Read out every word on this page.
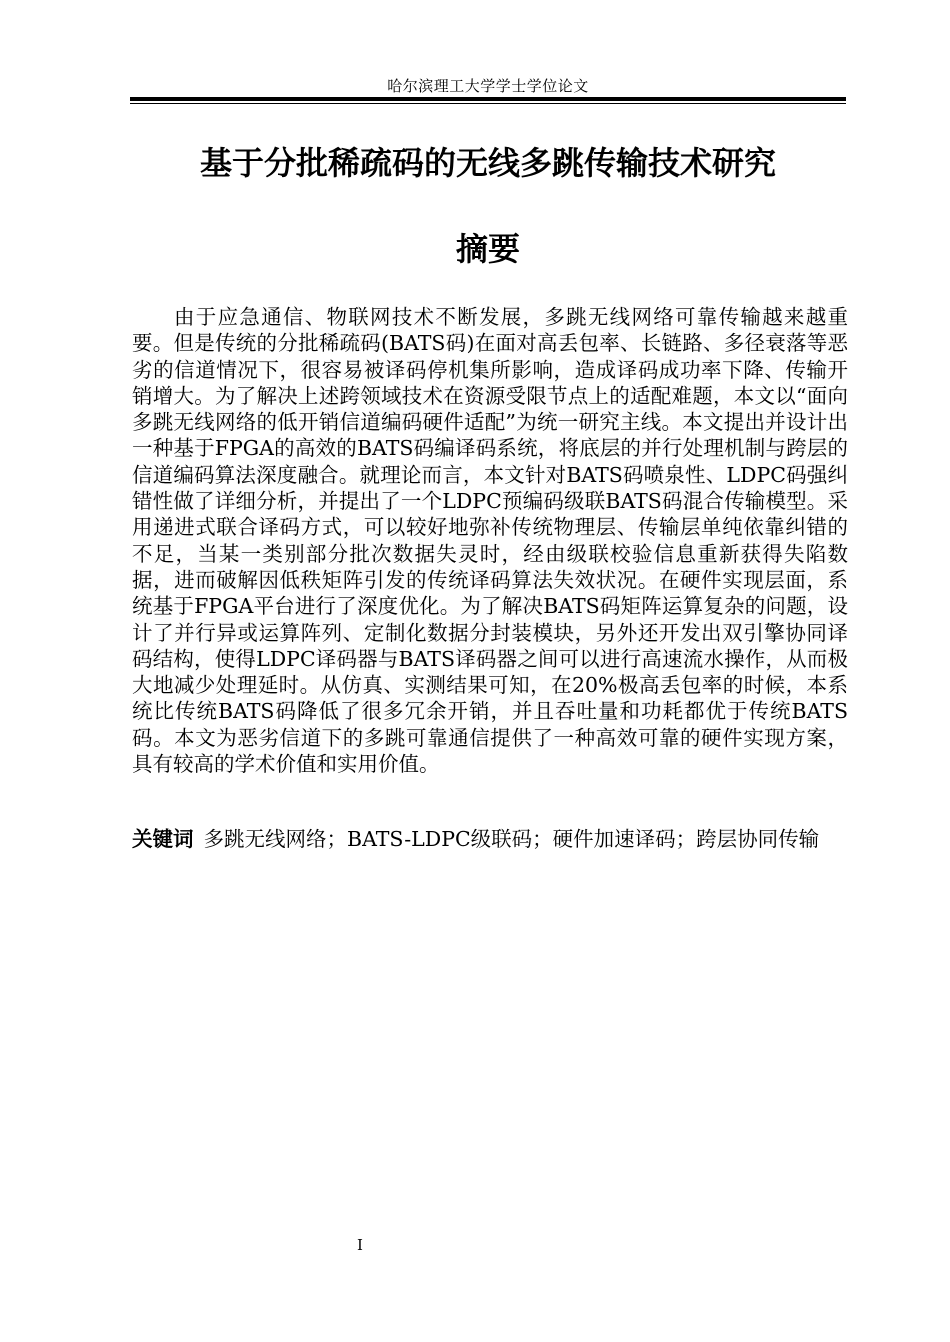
哈尔滨理工大学学士学位论文
基于分批稀疏码的无线多跳传输技术研究
摘要

由于应急通信、物联网技术不断发展，多跳无线网络可靠传输越来越重要。但是传统的分批稀疏码(BATS码)在面对高丢包率、长链路、多径衰落等恶劣的信道情况下，很容易被译码停机集所影响，造成译码成功率下降、传输开销增大。为了解决上述跨领域技术在资源受限节点上的适配难题，本文以“面向多跳无线网络的低开销信道编码硬件适配”为统一研究主线。本文提出并设计出一种基于FPGA的高效的BATS码编译码系统，将底层的并行处理机制与跨层的信道编码算法深度融合。就理论而言，本文针对BATS码喷泉性、LDPC码强纠错性做了详细分析，并提出了一个LDPC预编码级联BATS码混合传输模型。采用递进式联合译码方式，可以较好地弥补传统物理层、传输层单纯依靠纠错的不足，当某一类别部分批次数据失灵时，经由级联校验信息重新获得失陷数据，进而破解因低秩矩阵引发的传统译码算法失效状况。在硬件实现层面，系统基于FPGA平台进行了深度优化。为了解决BATS码矩阵运算复杂的问题，设计了并行异或运算阵列、定制化数据分封装模块，另外还开发出双引擎协同译码结构，使得LDPC译码器与BATS译码器之间可以进行高速流水操作，从而极大地减少处理延时。从仿真、实测结果可知，在20%极高丢包率的时候，本系统比传统BATS码降低了很多冗余开销，并且吞吐量和功耗都优于传统BATS码。本文为恶劣信道下的多跳可靠通信提供了一种高效可靠的硬件实现方案，具有较高的学术价值和实用价值。

关键词 多跳无线网络；BATS-LDPC级联码；硬件加速译码；跨层协同传输

I
